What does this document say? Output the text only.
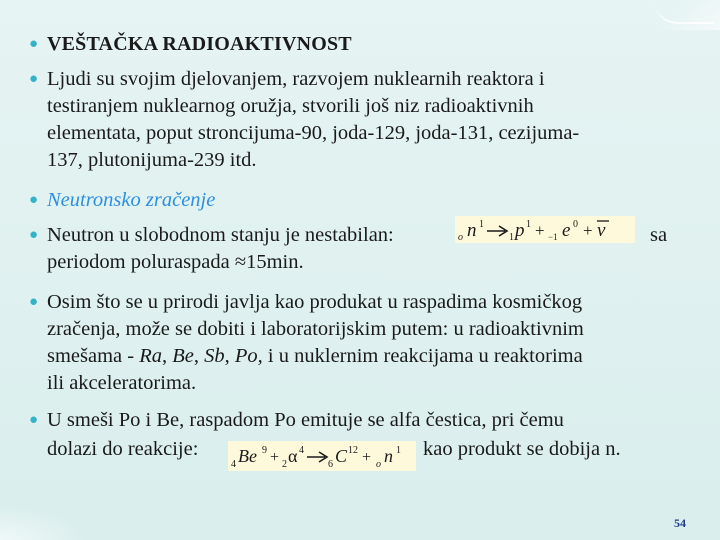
● VEŠTAČKA RADIOAKTIVNOST
● Ljudi su svojim djelovanjem, razvojem nuklearnih reaktora i
testiranjem nuklearnog oružja, stvorili još niz radioaktivnih
elementata, poput stroncijuma-90, joda-129, joda-131, cezijuma-
137, plutonijuma-239 itd.
● Neutronsko zračenje
● Neutron u slobodnom stanju je nestabilan:	o n 1
1 p 1 + −1 e 0 + ν sa
periodom poluraspada ≈15min.
● Osim što se u prirodi javlja kao produkat u raspadima kosmičkog
zračenja, može se dobiti i laboratorijskim putem: u radioaktivnim
smešama - Ra, Be, Sb, Po, i u nuklernim reakcijama u reaktorima
ili akceleratorima.
● U smeši Po i Be, raspadom Po emituje se alfa čestica, pri čemu
dolazi do reakcije:
4 Be 9 + 2 α 4
6 C 12 + o n 1 kao produkt se dobija n.
54
